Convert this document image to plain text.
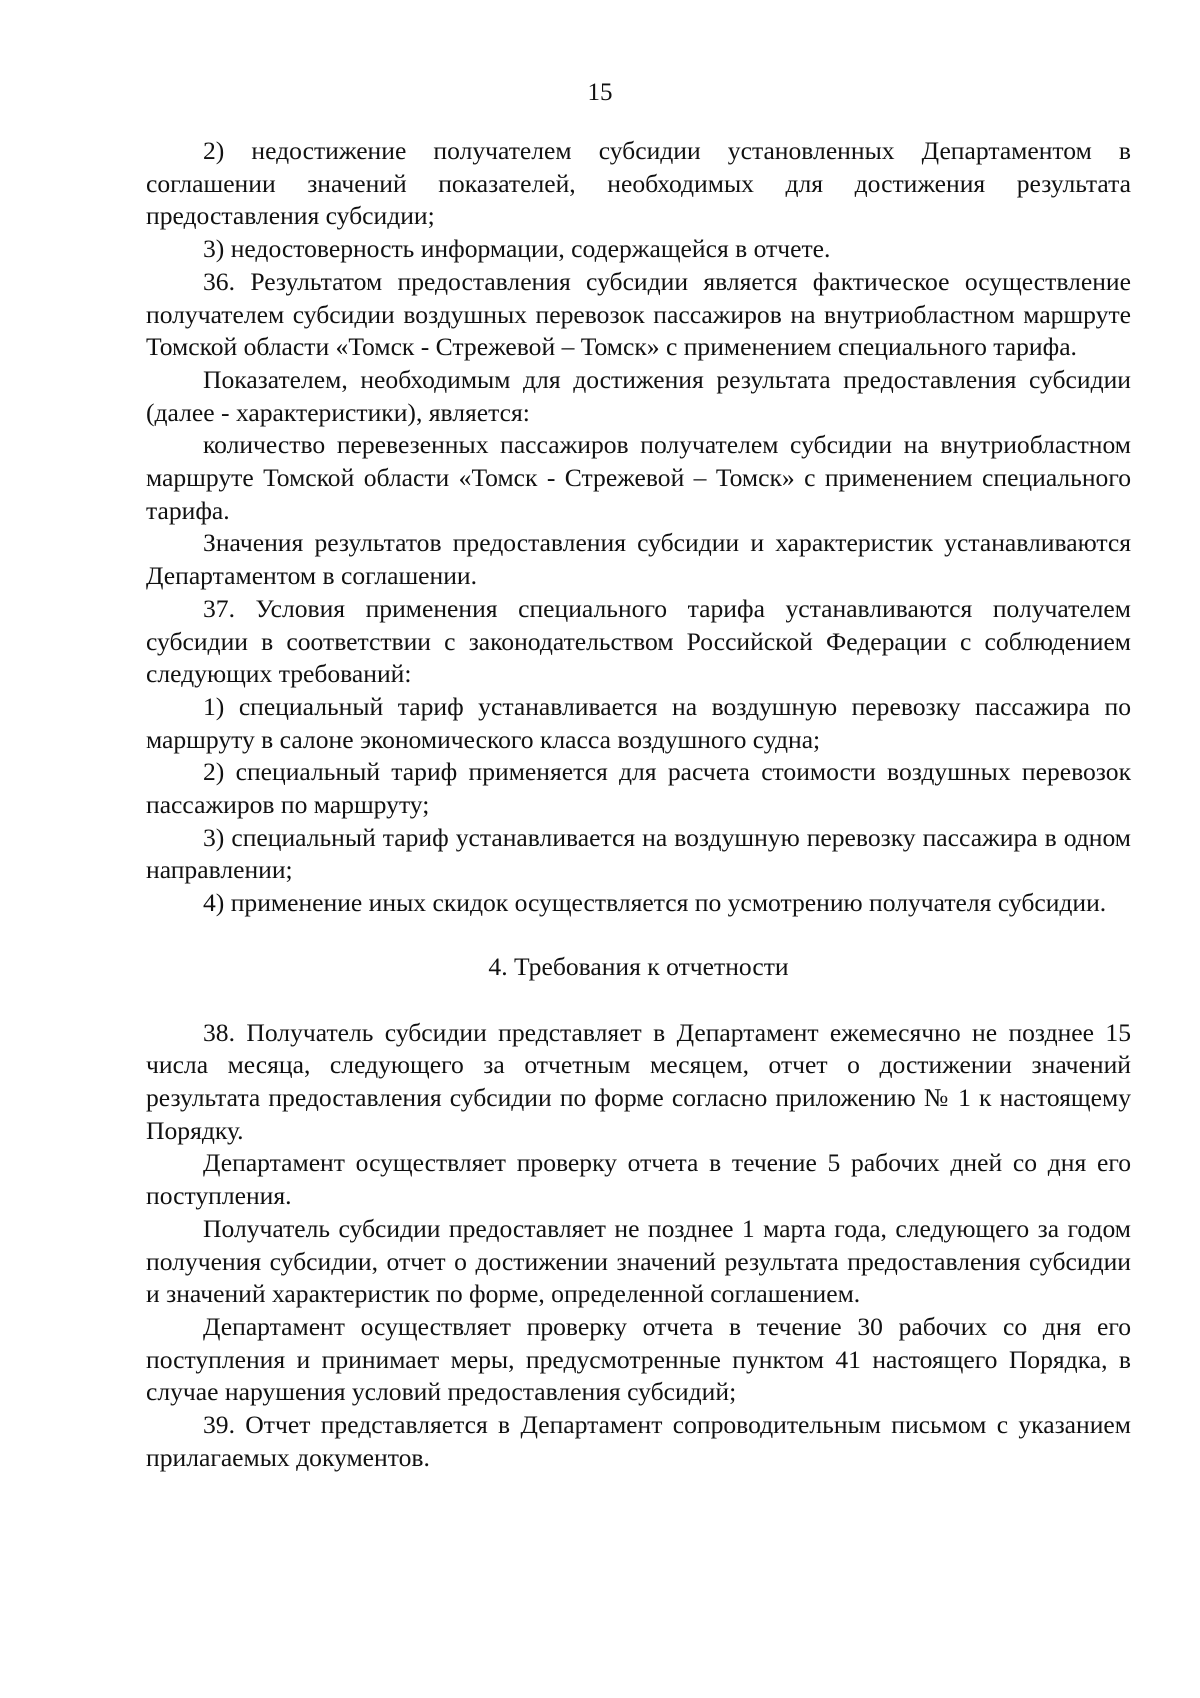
15

2) недостижение получателем субсидии установленных Департаментом в соглашении значений показателей, необходимых для достижения результата предоставления субсидии;

3) недостоверность информации, содержащейся в отчете.

36. Результатом предоставления субсидии является фактическое осуществление получателем субсидии воздушных перевозок пассажиров на внутриобластном маршруте Томской области «Томск - Стрежевой – Томск» с применением специального тарифа.

Показателем, необходимым для достижения результата предоставления субсидии (далее - характеристики), является:

количество перевезенных пассажиров получателем субсидии на внутриобластном маршруте Томской области «Томск - Стрежевой – Томск» с применением специального тарифа.

Значения результатов предоставления субсидии и характеристик устанавливаются Департаментом в соглашении.

37. Условия применения специального тарифа устанавливаются получателем субсидии в соответствии с законодательством Российской Федерации с соблюдением следующих требований:

1) специальный тариф устанавливается на воздушную перевозку пассажира по маршруту в салоне экономического класса воздушного судна;

2) специальный тариф применяется для расчета стоимости воздушных перевозок пассажиров по маршруту;

3) специальный тариф устанавливается на воздушную перевозку пассажира в одном направлении;

4) применение иных скидок осуществляется по усмотрению получателя субсидии.

4. Требования к отчетности

38. Получатель субсидии представляет в Департамент ежемесячно не позднее 15 числа месяца, следующего за отчетным месяцем, отчет о достижении значений результата предоставления субсидии по форме согласно приложению № 1 к настоящему Порядку.

Департамент осуществляет проверку отчета в течение 5 рабочих дней со дня его поступления.

Получатель субсидии предоставляет не позднее 1 марта года, следующего за годом получения субсидии, отчет о достижении значений результата предоставления субсидии и значений характеристик по форме, определенной соглашением.

Департамент осуществляет проверку отчета в течение 30 рабочих со дня его поступления и принимает меры, предусмотренные пунктом 41 настоящего Порядка, в случае нарушения условий предоставления субсидий;

39. Отчет представляется в Департамент сопроводительным письмом с указанием прилагаемых документов.
